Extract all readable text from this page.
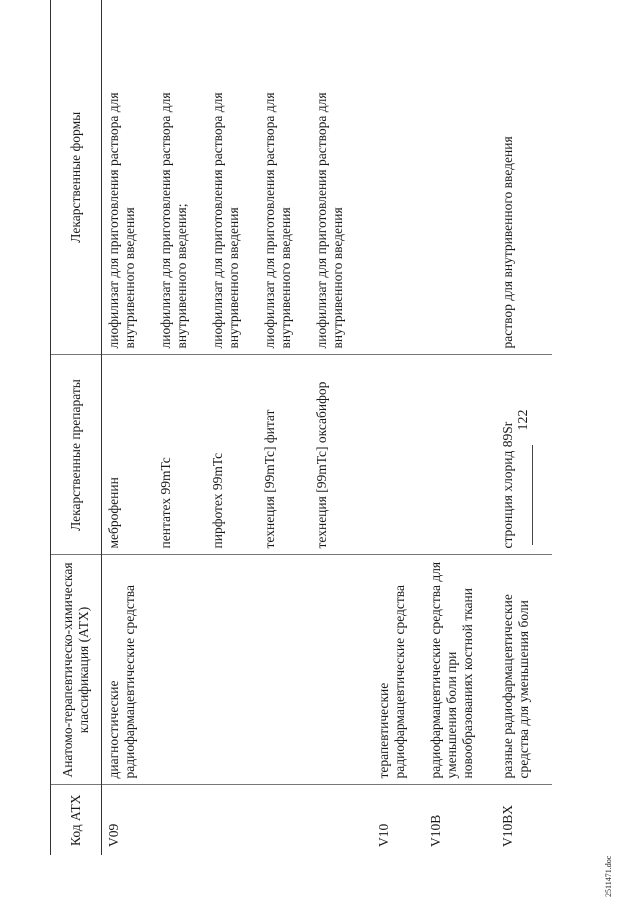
Код АТХ	Анатомо-терапевтическо-химическая классификация (АТХ)	Лекарственные препараты	Лекарственные формы
V09	диагностические радиофармацевтические средства	меброфенин	лиофилизат для приготовления раствора для внутривенного введения
		пентатех 99mTc	лиофилизат для приготовления раствора для внутривенного введения;
		пирфотех 99mTc	лиофилизат для приготовления раствора для внутривенного введения
		технеция [99mTc] фитат	лиофилизат для приготовления раствора для внутривенного введения
		технеция [99mTc] оксабифор	лиофилизат для приготовления раствора для внутривенного введения

V10	терапевтические радиофармацевтические средства		
V10B	радиофармацевтические средства для уменьшения боли при новообразованиях костной ткани		
V10BX	разные радиофармацевтические средства для уменьшения боли	стронция хлорид 89Sr	раствор для внутривенного введения
122
2511471.doc
